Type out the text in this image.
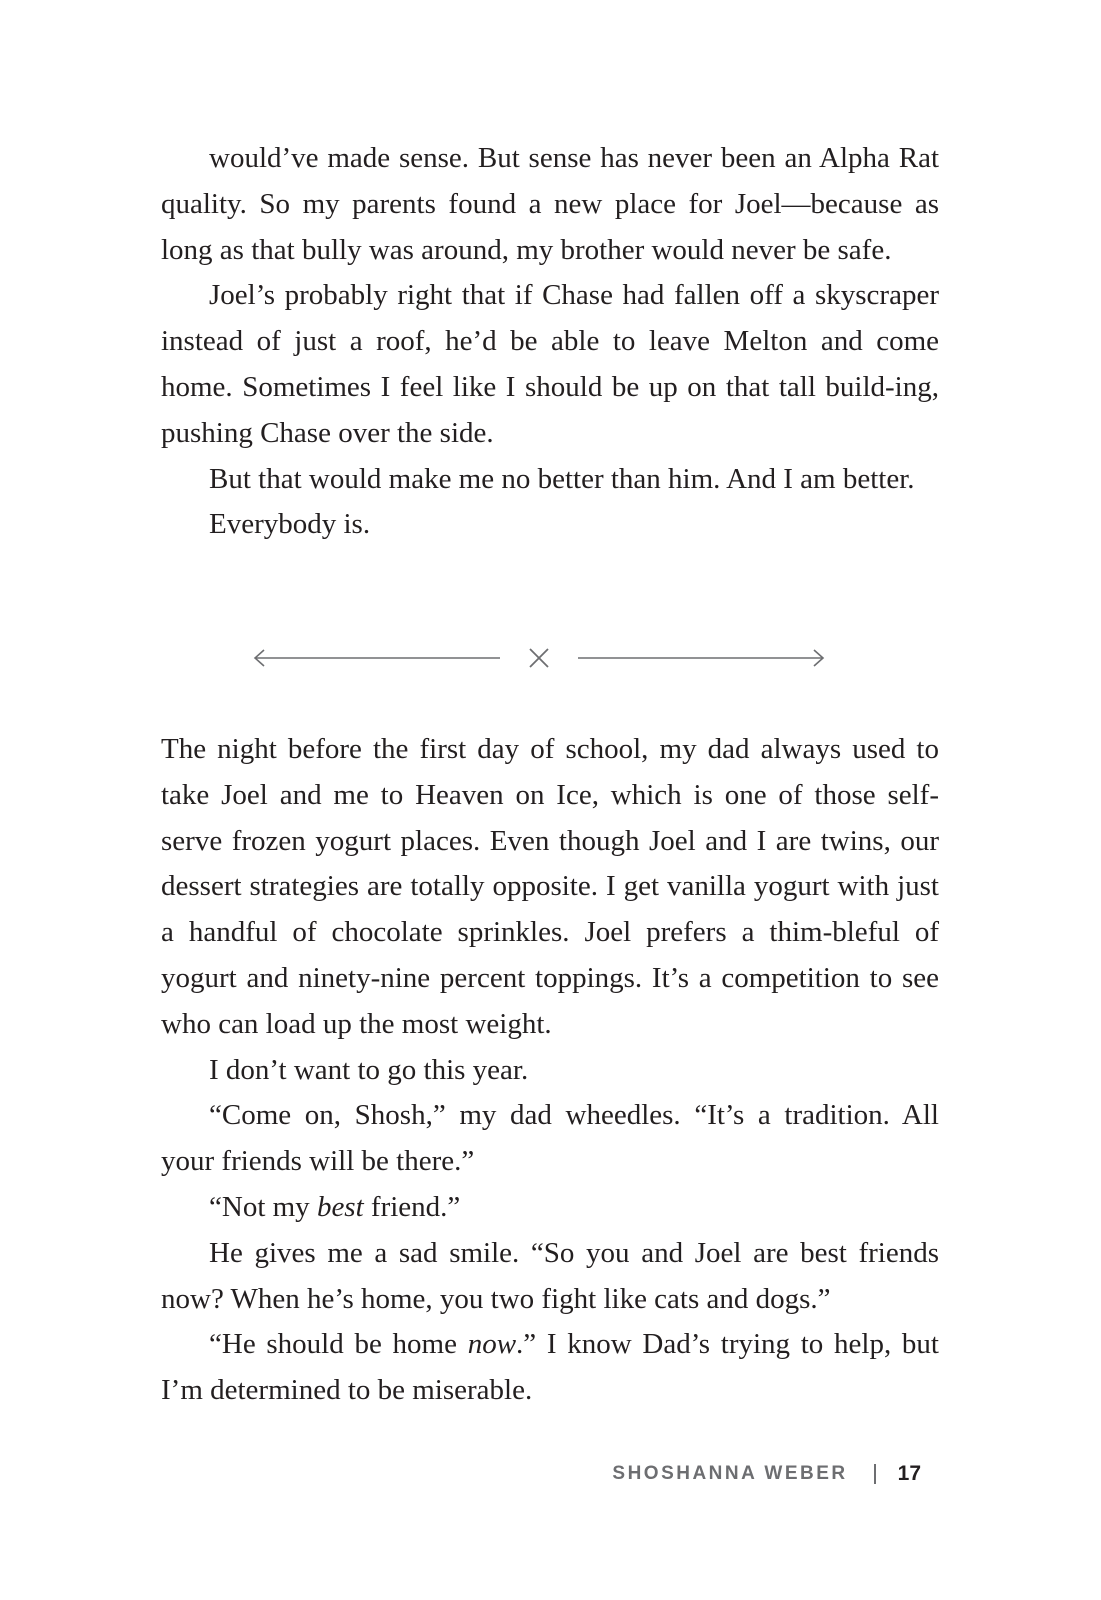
would’ve made sense. But sense has never been an Alpha Rat quality. So my parents found a new place for Joel—because as long as that bully was around, my brother would never be safe.

Joel’s probably right that if Chase had fallen off a skyscraper instead of just a roof, he’d be able to leave Melton and come home. Sometimes I feel like I should be up on that tall build-ing, pushing Chase over the side.

But that would make me no better than him. And I am better.

Everybody is.

The night before the first day of school, my dad always used to take Joel and me to Heaven on Ice, which is one of those self-serve frozen yogurt places. Even though Joel and I are twins, our dessert strategies are totally opposite. I get vanilla yogurt with just a handful of chocolate sprinkles. Joel prefers a thim-bleful of yogurt and ninety-nine percent toppings. It’s a competition to see who can load up the most weight.

I don’t want to go this year.

“Come on, Shosh,” my dad wheedles. “It’s a tradition. All your friends will be there.”

“Not my best friend.”

He gives me a sad smile. “So you and Joel are best friends now? When he’s home, you two fight like cats and dogs.”

“He should be home now.” I know Dad’s trying to help, but I’m determined to be miserable.

SHOSHANNA WEBER 17
